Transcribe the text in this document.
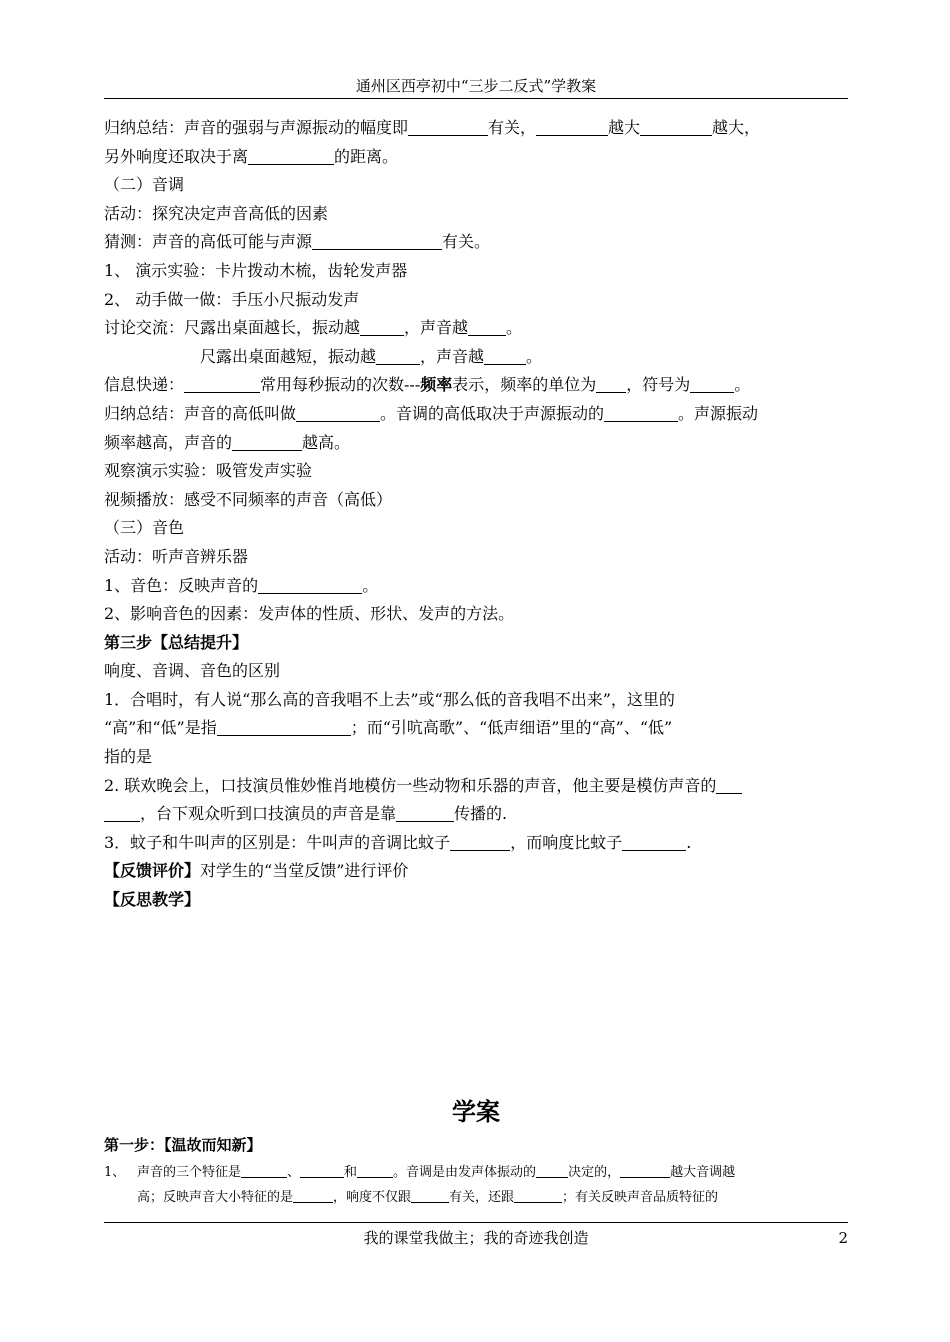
通州区西亭初中“三步二反式”学教案
归纳总结：声音的强弱与声源振动的幅度即	有关，	越大	越大，
另外响度还取决于离	的距离。
（二）音调
活动：探究决定声音高低的因素
猜测：声音的高低可能与声源	有关。
1、 演示实验：卡片拨动木梳，齿轮发声器
2、 动手做一做：手压小尺振动发声
讨论交流：尺露出桌面越长，振动越	，声音越 。
尺露出桌面越短，振动越	，声音越	。
信息快递：	常用每秒振动的次数---频率表示，频率的单位为 ，符号为	。
归纳总结：声音的高低叫做	。音调的高低取决于声源振动的	。声源振动
频率越高，声音的	越高。
观察演示实验：吸管发声实验
视频播放：感受不同频率的声音（高低）
（三）音色
活动：听声音辨乐器
1、音色：反映声音的	。
2、影响音色的因素：发声体的性质、形状、发声的方法。
第三步【总结提升】
响度、音调、音色的区别
1．合唱时，有人说“那么高的音我唱不上去”或“那么低的音我唱不出来”，这里的
“高”和“低”是指	；而“引吭高歌”、“低声细语”里的“高”、“低”
指的是
2. 联欢晚会上，口技演员惟妙惟肖地模仿一些动物和乐器的声音，他主要是模仿声音的
，台下观众听到口技演员的声音是靠	传播的.
3．蚊子和牛叫声的区别是：牛叫声的音调比蚊子	，而响度比蚊子	.
【反馈评价】对学生的“当堂反馈”进行评价
【反思教学】
学案
第一步：【温故而知新】
1、 声音的三个特征是	、	和	。音调是由发声体振动的 决定的，	越大音调越
高；反映声音大小特征的是	，响度不仅跟	有关，还跟	；有关反映声音品质特征的
我的课堂我做主；我的奇迹我创造	2
